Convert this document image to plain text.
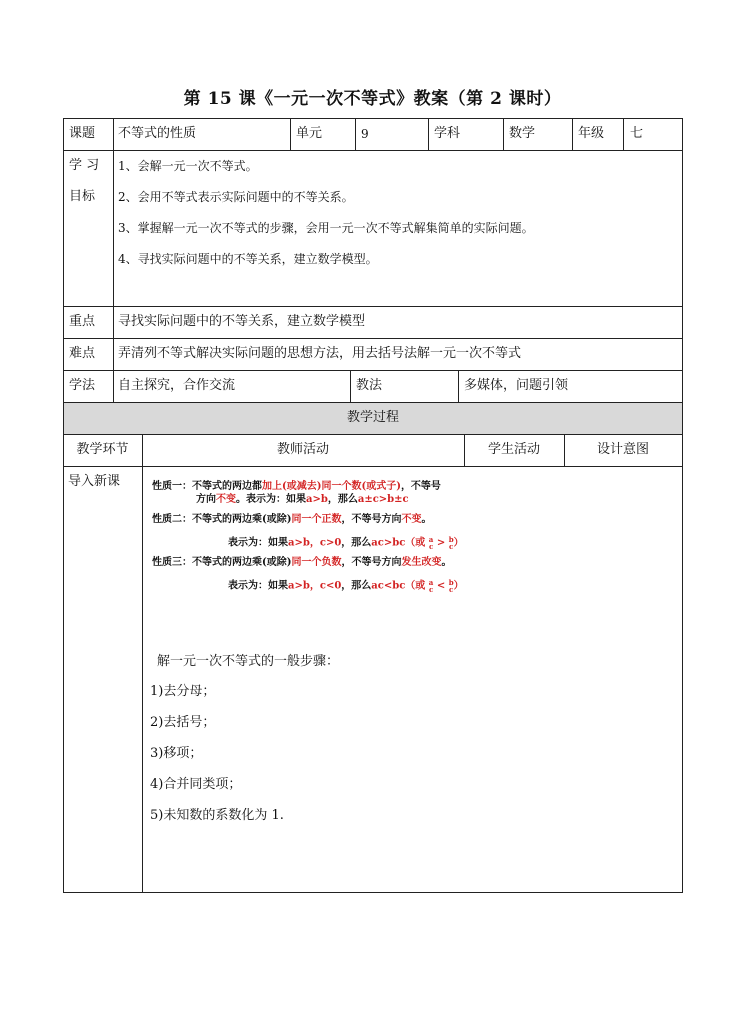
第 15 课《一元一次不等式》教案（第 2 课时）
课题 不等式的性质	单元	9	学科	数学	年级 七
学 习
目标
1、会解一元一次不等式。
2、会用不等式表示实际问题中的不等关系。
3、掌握解一元一次不等式的步骤，会用一元一次不等式解集简单的实际问题。
4、寻找实际问题中的不等关系，建立数学模型。
重点 寻找实际问题中的不等关系，建立数学模型
难点 弄清列不等式解决实际问题的思想方法，用去括号法解一元一次不等式
学法 自主探究，合作交流	教法	多媒体，问题引领
教学过程
教学环节	教师活动	学生活动	设计意图
导入新课	性质一：不等式的两边都加上(或减去)同一个数(或式子)，不等号
方向不变。表示为：如果a>b，那么a±c>b±c
性质二：不等式的两边乘(或除)同一个正数，不等号方向不变。
表示为：如果a>b，c>0，那么ac>bc（或 a
c > b
c）
性质三：不等式的两边乘(或除)同一个负数，不等号方向发生改变。
表示为：如果a>b，c<0，那么ac<bc（或 a
c < b
c）
解一元一次不等式的一般步骤：
1)去分母；
2)去括号；
3)移项；
4)合并同类项；
5)未知数的系数化为 1.
